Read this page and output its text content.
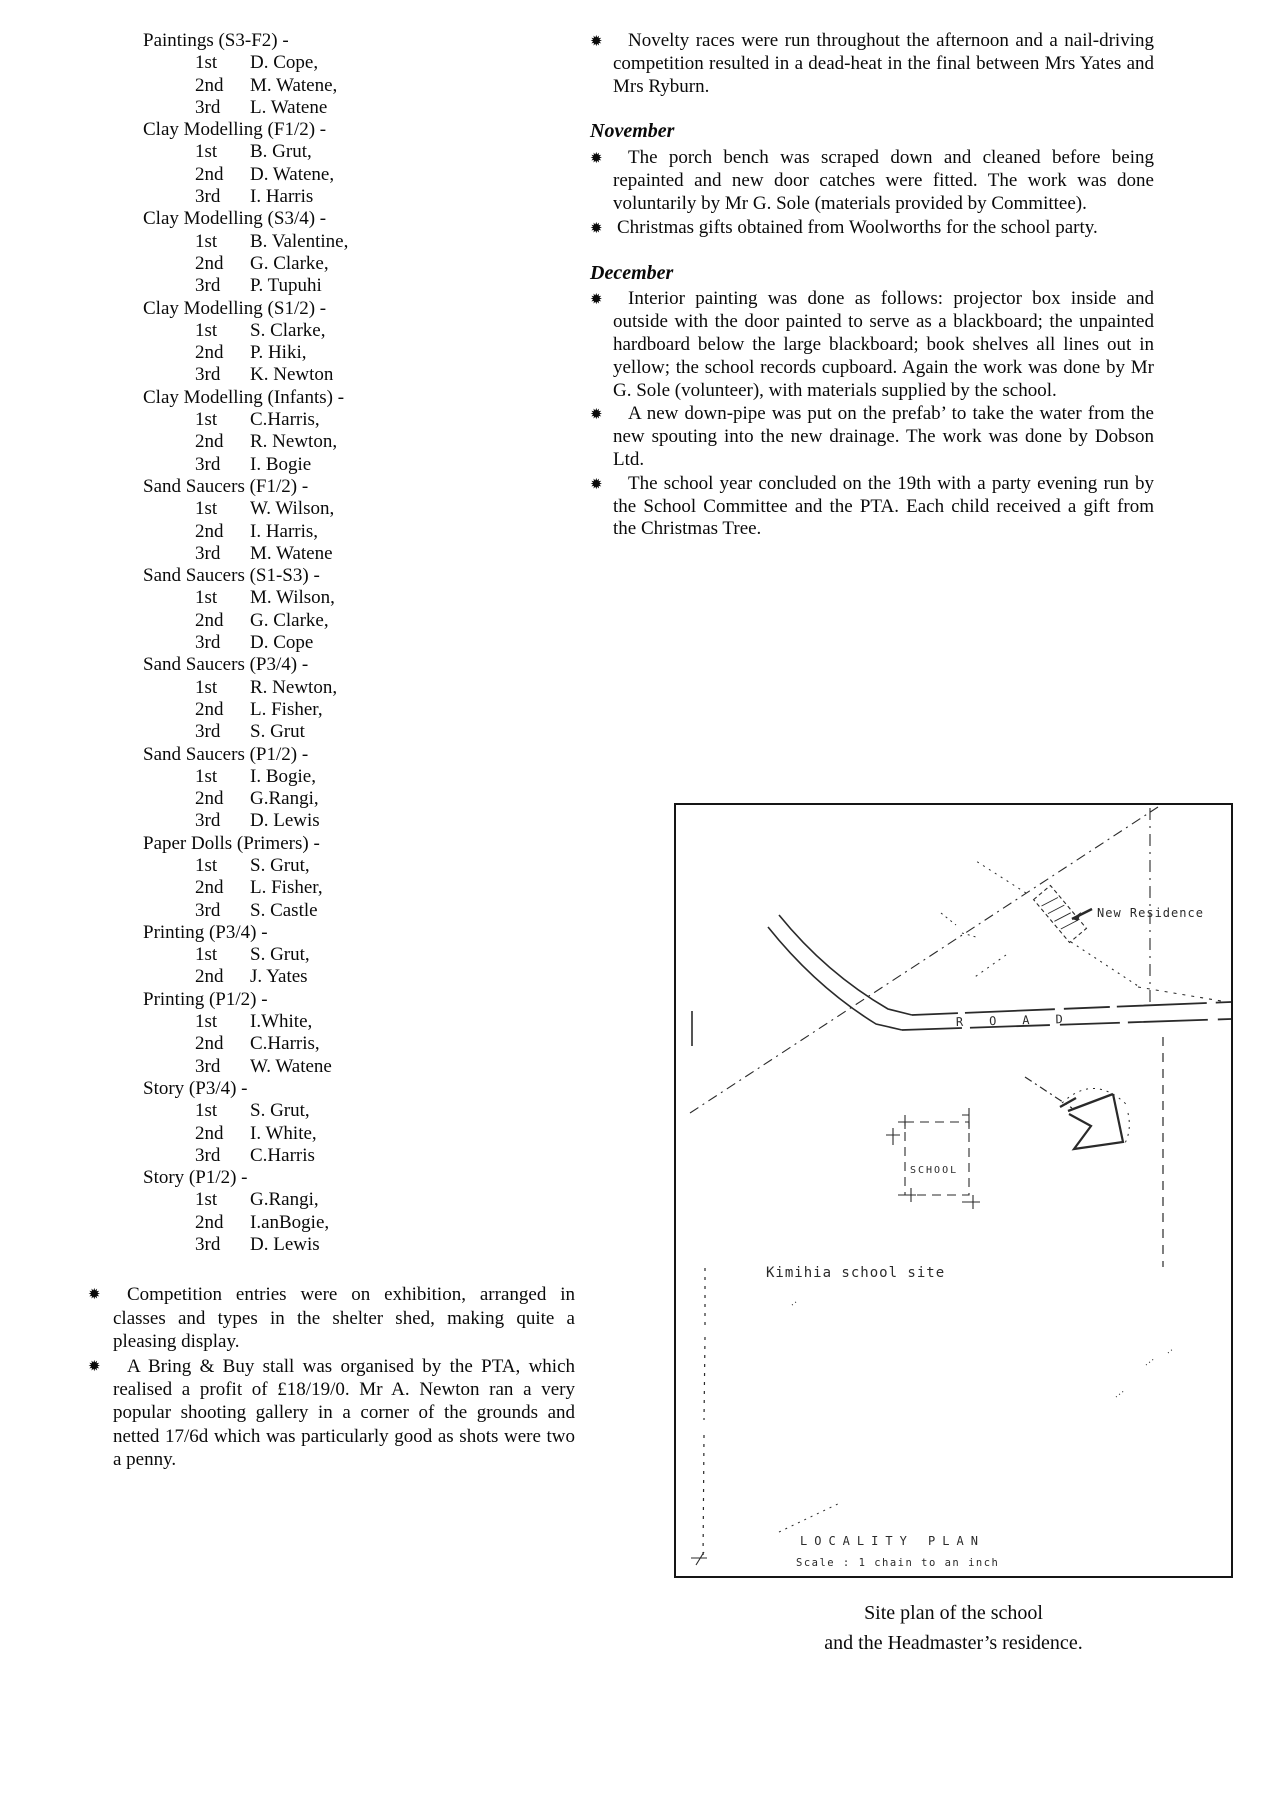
Paintings (S3-F2) -
1st D. Cope,
2nd M. Watene,
3rd L. Watene
Clay Modelling (F1/2) -
1st B. Grut,
2nd D. Watene,
3rd I. Harris
Clay Modelling (S3/4) -
1st B. Valentine,
2nd G. Clarke,
3rd P. Tupuhi
Clay Modelling (S1/2) -
1st S. Clarke,
2nd P. Hiki,
3rd K. Newton
Clay Modelling (Infants) -
1st C.Harris,
2nd R. Newton,
3rd I. Bogie
Sand Saucers (F1/2) -
1st W. Wilson,
2nd I. Harris,
3rd M. Watene
Sand Saucers (S1-S3) -
1st M. Wilson,
2nd G. Clarke,
3rd D. Cope
Sand Saucers (P3/4) -
1st R. Newton,
2nd L. Fisher,
3rd S. Grut
Sand Saucers (P1/2) -
1st I. Bogie,
2nd G.Rangi,
3rd D. Lewis
Paper Dolls (Primers) -
1st S. Grut,
2nd L. Fisher,
3rd S. Castle
Printing (P3/4) -
1st S. Grut,
2nd J. Yates
Printing (P1/2) -
1st I.White,
2nd C.Harris,
3rd W. Watene
Story (P3/4) -
1st S. Grut,
2nd I. White,
3rd C.Harris
Story (P1/2) -
1st G.Rangi,
2nd I.anBogie,
3rd D. Lewis
✹	Competition entries were on exhibition, arranged in classes and types in the shelter shed, making quite a pleasing display.
✹	A Bring & Buy stall was organised by the PTA, which realised a profit of £18/19/0. Mr A. Newton ran a very popular shooting gallery in a corner of the grounds and netted 17/6d which was particularly good as shots were two a penny.
✹	Novelty races were run throughout the afternoon and a nail-driving competition resulted in a dead-heat in the final between Mrs Yates and Mrs Ryburn.
November
✹	The porch bench was scraped down and cleaned before being repainted and new door catches were fitted. The work was done voluntarily by Mr G. Sole (materials provided by Committee).
✹ Christmas gifts obtained from Woolworths for the school party.
December
✹	Interior painting was done as follows: projector box inside and outside with the door painted to serve as a blackboard; the unpainted hardboard below the large blackboard; book shelves all lines out in yellow; the school records cupboard. Again the work was done by Mr G. Sole (volunteer), with materials supplied by the school.
✹	A new down-pipe was put on the prefab’ to take the water from the new spouting into the new drainage. The work was done by Dobson Ltd.
✹	The school year concluded on the 19th with a party evening run by the School Committee and the PTA. Each child received a gift from the Christmas Tree.
ROAD
New Residence
SCHOOL
Kimihia school site
LOCALITY PLAN
Scale : 1 chain to an inch
Site plan of the school
and the Headmaster’s residence.
